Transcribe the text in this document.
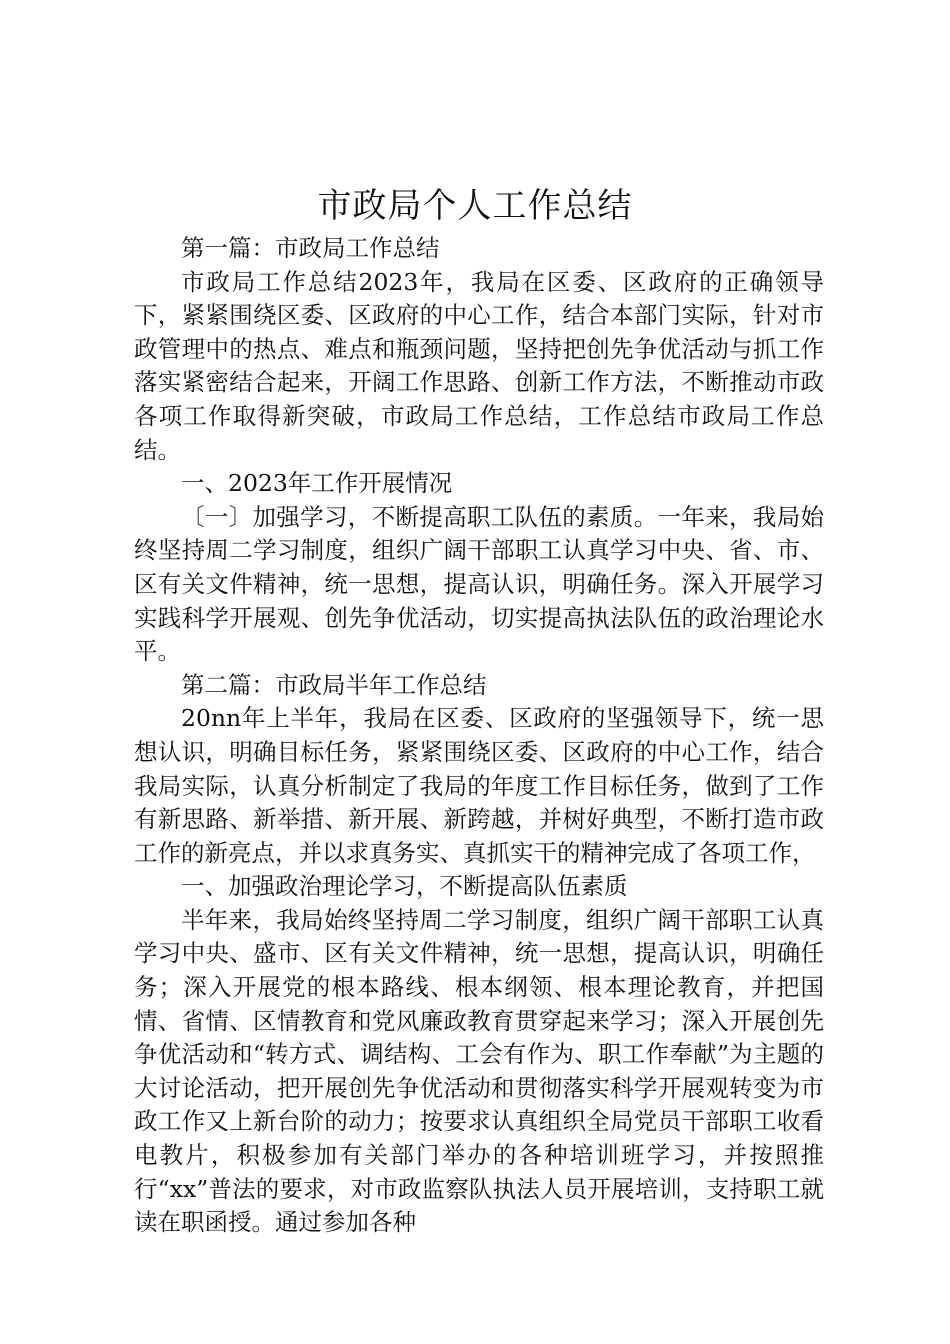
市政局个人工作总结

第一篇：市政局工作总结

市政局工作总结2023年，我局在区委、区政府的正确领导下，紧紧围绕区委、区政府的中心工作，结合本部门实际，针对市政管理中的热点、难点和瓶颈问题，坚持把创先争优活动与抓工作落实紧密结合起来，开阔工作思路、创新工作方法，不断推动市政各项工作取得新突破，市政局工作总结，工作总结市政局工作总结。

一、2023年工作开展情况

〔一〕加强学习，不断提高职工队伍的素质。一年来，我局始终坚持周二学习制度，组织广阔干部职工认真学习中央、省、市、区有关文件精神，统一思想，提高认识，明确任务。深入开展学习实践科学开展观、创先争优活动，切实提高执法队伍的政治理论水平。

第二篇：市政局半年工作总结

20nn年上半年，我局在区委、区政府的坚强领导下，统一思想认识，明确目标任务，紧紧围绕区委、区政府的中心工作，结合我局实际，认真分析制定了我局的年度工作目标任务，做到了工作有新思路、新举措、新开展、新跨越，并树好典型，不断打造市政工作的新亮点，并以求真务实、真抓实干的精神完成了各项工作，

一、加强政治理论学习，不断提高队伍素质

半年来，我局始终坚持周二学习制度，组织广阔干部职工认真学习中央、盛市、区有关文件精神，统一思想，提高认识，明确任务；深入开展党的根本路线、根本纲领、根本理论教育，并把国情、省情、区情教育和党风廉政教育贯穿起来学习；深入开展创先争优活动和“转方式、调结构、工会有作为、职工作奉献”为主题的大讨论活动，把开展创先争优活动和贯彻落实科学开展观转变为市政工作又上新台阶的动力；按要求认真组织全局党员干部职工收看电教片，积极参加有关部门举办的各种培训班学习，并按照推行“xx”普法的要求，对市政监察队执法人员开展培训，支持职工就读在职函授。通过参加各种
